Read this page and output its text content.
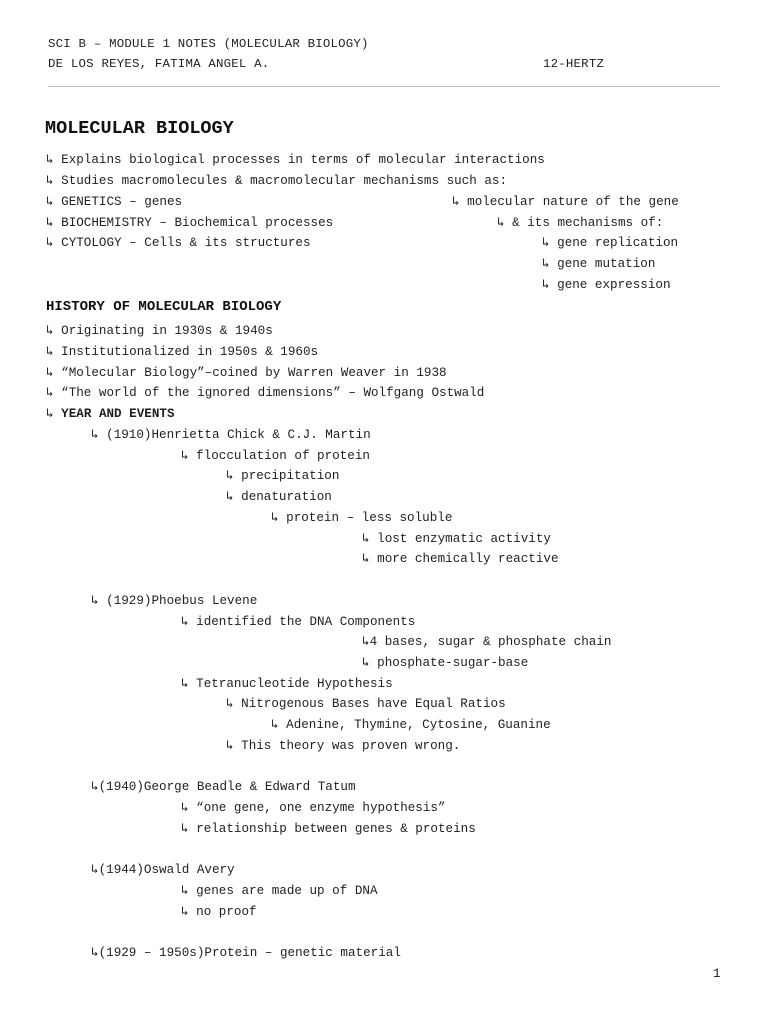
SCI B – MODULE 1 NOTES (MOLECULAR BIOLOGY)
DE LOS REYES, FATIMA ANGEL A.	12-HERTZ
MOLECULAR BIOLOGY
↳ Explains biological processes in terms of molecular interactions
↳ Studies macromolecules & macromolecular mechanisms such as:
↳ GENETICS – genes	↳ molecular nature of the gene
↳ BIOCHEMISTRY – Biochemical processes	↳ & its mechanisms of:
↳ CYTOLOGY – Cells & its structures	↳ gene replication
↳ gene mutation
↳ gene expression
HISTORY OF MOLECULAR BIOLOGY
↳ Originating in 1930s & 1940s
↳ Institutionalized in 1950s & 1960s
↳ “Molecular Biology”–coined by Warren Weaver in 1938
↳ “The world of the ignored dimensions” – Wolfgang Ostwald
↳ YEAR AND EVENTS
↳ (1910)Henrietta Chick & C.J. Martin
↳ flocculation of protein
↳ precipitation
↳ denaturation
↳ protein – less soluble
↳ lost enzymatic activity
↳ more chemically reactive
↳ (1929)Phoebus Levene
↳ identified the DNA Components
↳4 bases, sugar & phosphate chain
↳ phosphate-sugar-base
↳ Tetranucleotide Hypothesis
↳ Nitrogenous Bases have Equal Ratios
↳ Adenine, Thymine, Cytosine, Guanine
↳ This theory was proven wrong.
↳(1940)George Beadle & Edward Tatum
↳ “one gene, one enzyme hypothesis”
↳ relationship between genes & proteins
↳(1944)Oswald Avery
↳ genes are made up of DNA
↳ no proof
↳(1929 – 1950s)Protein – genetic material
1
